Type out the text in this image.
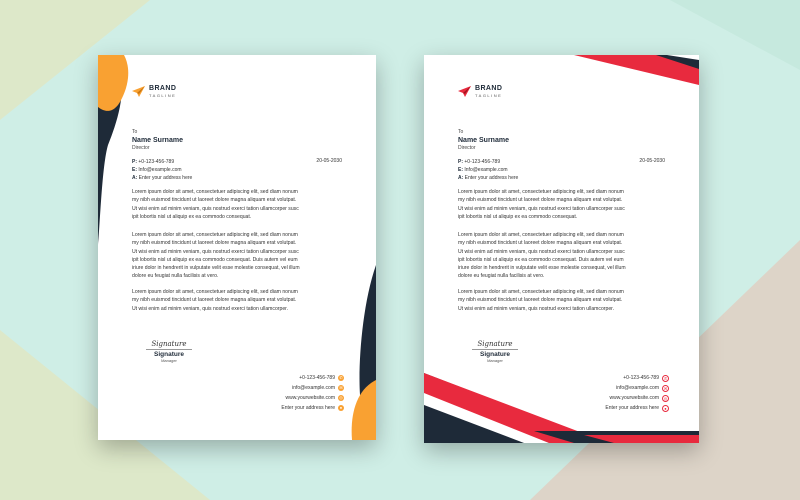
BRAND
TAGLINE
To
Name Surname
Director
P: +0-123-456-789
E: Info@example.com
A: Enter your address here
20-05-2030
Lorem ipsum dolor sit amet, consectetuer adipiscing elit, sed diam nonum
my nibh euismod tincidunt ut laoreet dolore magna aliquam erat volutpat.
Ut wisi enim ad minim veniam, quis nostrud exerci tation ullamcorper susc
ipit lobortis nisl ut aliquip ex ea commodo consequat.
Lorem ipsum dolor sit amet, consectetuer adipiscing elit, sed diam nonum
my nibh euismod tincidunt ut laoreet dolore magna aliquam erat volutpat.
Ut wisi enim ad minim veniam, quis nostrud exerci tation ullamcorper susc
ipit lobortis nisl ut aliquip ex ea commodo consequat. Duis autem vel eum
iriure dolor in hendrerit in vulputate velit esse molestie consequat, vel illum
dolore eu feugiat nulla facilisis at vero.
Lorem ipsum dolor sit amet, consectetuer adipiscing elit, sed diam nonum
my nibh euismod tincidunt ut laoreet dolore magna aliquam erat volutpat.
Ut wisi enim ad minim veniam, quis nostrud exerci tation ullamcorper.
Signature
Signature
Manager
+0-123-456-789	✆
info@example.com	✉
www.yourwebsite.com	◎
Enter your address here	●
BRAND
TAGLINE
To
Name Surname
Director
P: +0-123-456-789
E: Info@example.com
A: Enter your address here
20-05-2030
Lorem ipsum dolor sit amet, consectetuer adipiscing elit, sed diam nonum
my nibh euismod tincidunt ut laoreet dolore magna aliquam erat volutpat.
Ut wisi enim ad minim veniam, quis nostrud exerci tation ullamcorper susc
ipit lobortis nisl ut aliquip ex ea commodo consequat.
Lorem ipsum dolor sit amet, consectetuer adipiscing elit, sed diam nonum
my nibh euismod tincidunt ut laoreet dolore magna aliquam erat volutpat.
Ut wisi enim ad minim veniam, quis nostrud exerci tation ullamcorper susc
ipit lobortis nisl ut aliquip ex ea commodo consequat. Duis autem vel eum
iriure dolor in hendrerit in vulputate velit esse molestie consequat, vel illum
dolore eu feugiat nulla facilisis at vero.
Lorem ipsum dolor sit amet, consectetuer adipiscing elit, sed diam nonum
my nibh euismod tincidunt ut laoreet dolore magna aliquam erat volutpat.
Ut wisi enim ad minim veniam, quis nostrud exerci tation ullamcorper.
Signature
Signature
Manager
+0-123-456-789	✆
info@example.com	✉
www.yourwebsite.com	◎
Enter your address here	●
